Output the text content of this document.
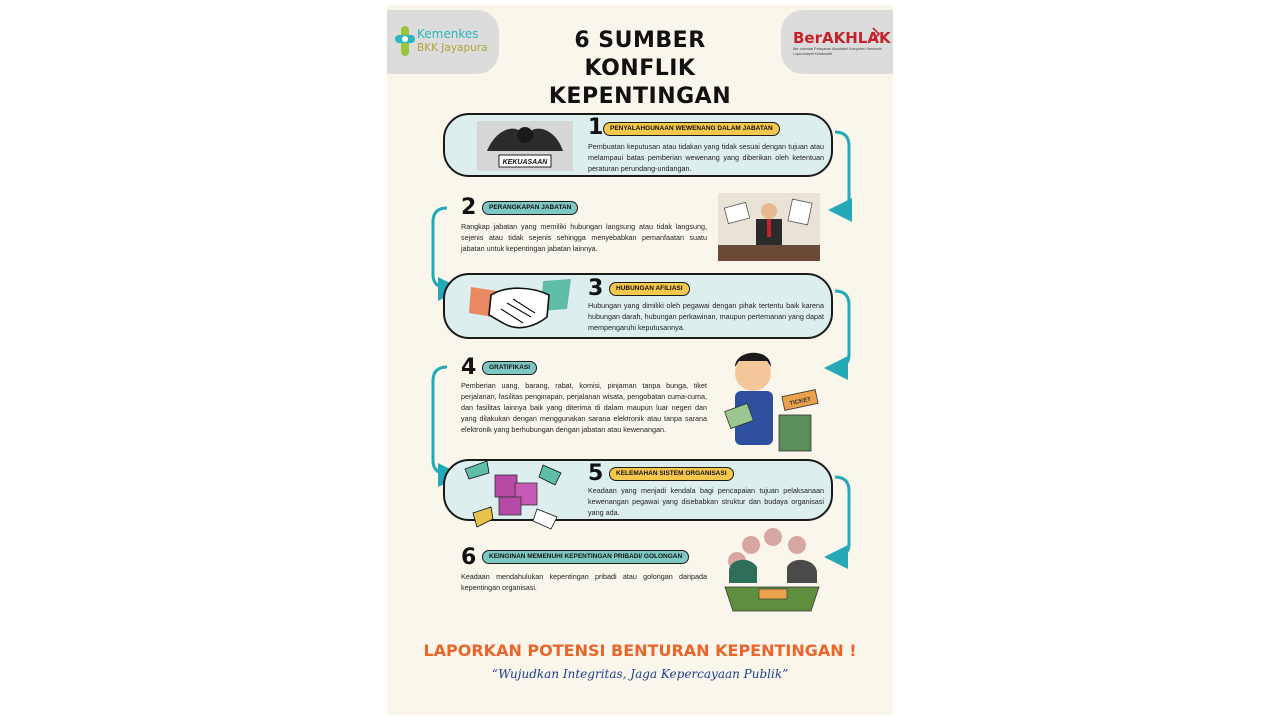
Kemenkes
BKK Jayapura
BerAKHLAK
Ber orientasi Pelayanan Akuntabel Kompeten Harmonis Loyal Adaptif Kolaboratif
6 SUMBER KONFLIK
KEPENTINGAN
KEKUASAAN
1	PENYALAHGUNAAN WEWENANG DALAM JABATAN
Pembuatan keputusan atau tidakan yang tidak sesuai dengan tujuan atau melampaui batas pemberian wewenang yang diberikan oleh ketentuan peraturan perundang-undangan.
2	PERANGKAPAN JABATAN
Rangkap jabatan yang memiliki hubungan langsung atau tidak langsung, sejenis atau tidak sejenis sehingga menyebabkan pemanfaatan suatu jabatan untuk kepentingan jabatan lainnya.
3	HUBUNGAN AFILIASI
Hubungan yang dimiliki oleh pegawai dengan pihak tertentu baik karena hubungan darah, hubungan perkawinan, maupun pertemanan yang dapat mempengaruhi keputusannya.
4	GRATIFIKASI
Pemberian uang, barang, rabat, komisi, pinjaman tanpa bunga, tiket perjalanan, fasilitas penginapan, perjalanan wisata, pengobatan cuma-cuma, dan fasilitas lainnya baik yang diterima di dalam maupun luar negeri dan yang dilakukan dengan menggunakan sarana elektronik atau tanpa sarana elektronik yang berhubungan dengan jabatan atau kewenangan.
TICKET
5	KELEMAHAN SISTEM ORGANISASI
Keadaan yang menjadi kendala bagi pencapaian tujuan pelaksanaan kewenangan pegawai yang disebabkan struktur dan budaya organisasi yang ada.
6	KEINGINAN MEMENUHI KEPENTINGAN PRIBADI/ GOLONGAN
Keadaan mendahulukan kepentingan pribadi atau golongan daripada kepentingan organisasi.
LAPORKAN POTENSI BENTURAN KEPENTINGAN !
“Wujudkan Integritas, Jaga Kepercayaan Publik”
